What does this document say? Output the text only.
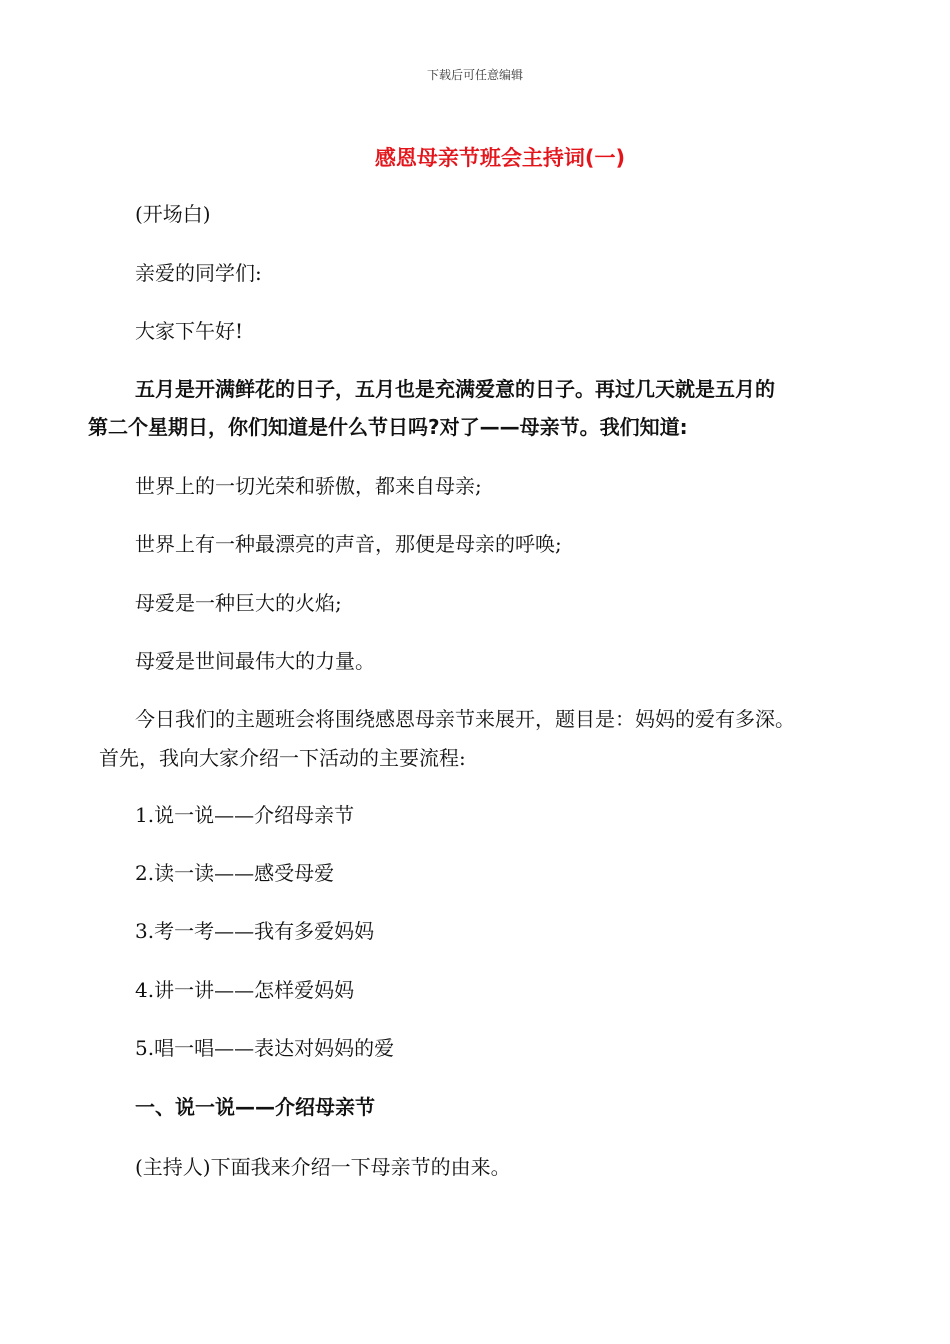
下载后可任意编辑
感恩母亲节班会主持词(一)
(开场白)
亲爱的同学们:
大家下午好!
五月是开满鲜花的日子，五月也是充满爱意的日子。再过几天就是五月的
第二个星期日，你们知道是什么节日吗?对了——母亲节。我们知道:
世界上的一切光荣和骄傲，都来自母亲;
世界上有一种最漂亮的声音，那便是母亲的呼唤;
母爱是一种巨大的火焰;
母爱是世间最伟大的力量。
今日我们的主题班会将围绕感恩母亲节来展开，题目是：妈妈的爱有多深。
首先，我向大家介绍一下活动的主要流程:
1.说一说——介绍母亲节
2.读一读——感受母爱
3.考一考——我有多爱妈妈
4.讲一讲——怎样爱妈妈
5.唱一唱——表达对妈妈的爱
一、说一说——介绍母亲节
(主持人)下面我来介绍一下母亲节的由来。
